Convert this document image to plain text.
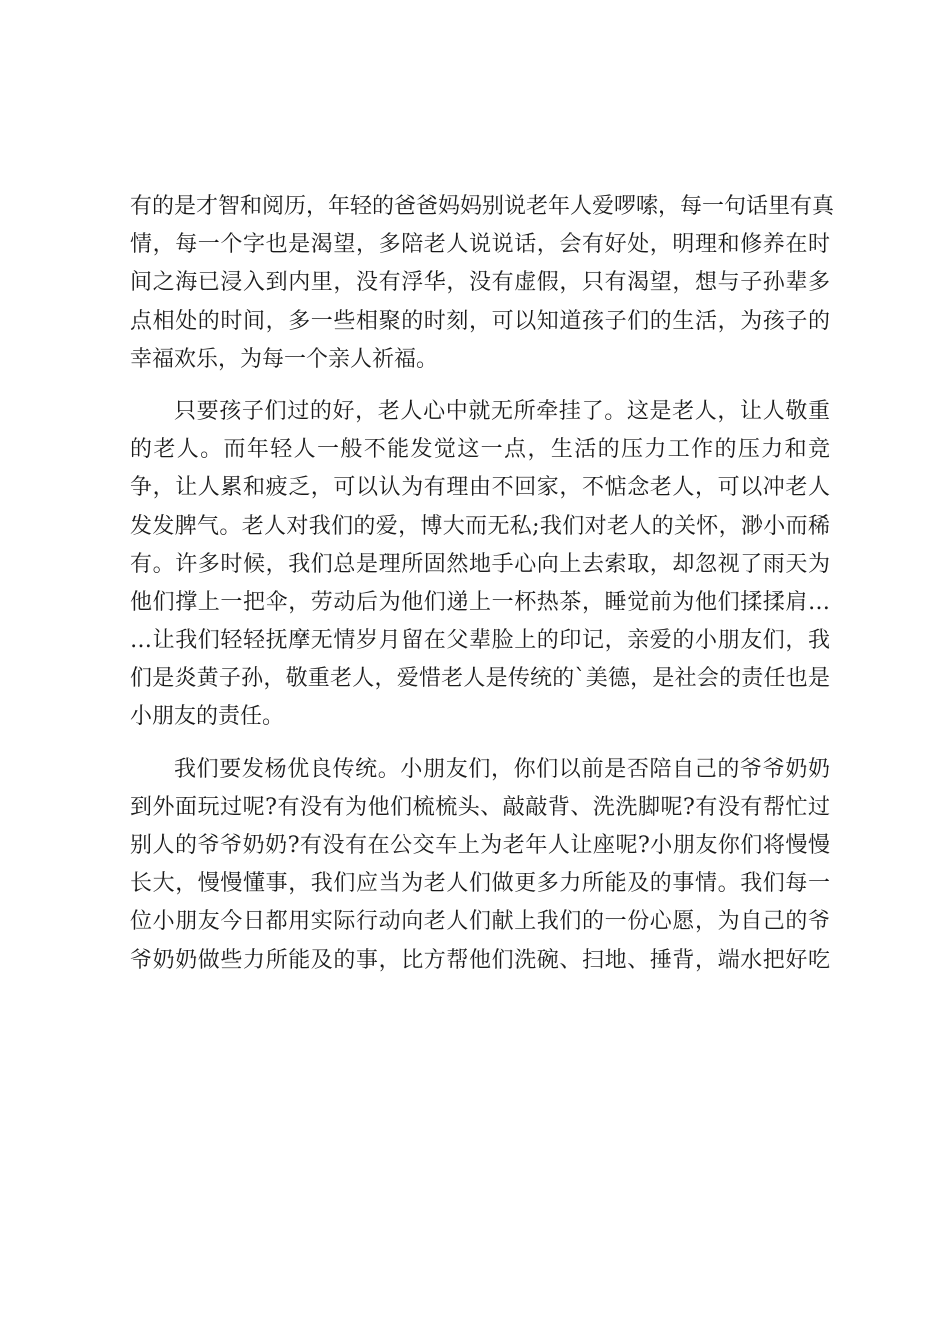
有的是才智和阅历，年轻的爸爸妈妈别说老年人爱啰嗦，每一句话里有真
情，每一个字也是渴望，多陪老人说说话，会有好处，明理和修养在时
间之海已浸入到内里，没有浮华，没有虚假，只有渴望，想与子孙辈多
点相处的时间，多一些相聚的时刻，可以知道孩子们的生活，为孩子的
幸福欢乐，为每一个亲人祈福。
只要孩子们过的好，老人心中就无所牵挂了。这是老人，让人敬重
的老人。而年轻人一般不能发觉这一点，生活的压力工作的压力和竞
争，让人累和疲乏，可以认为有理由不回家，不惦念老人，可以冲老人
发发脾气。老人对我们的爱，博大而无私;我们对老人的关怀，渺小而稀
有。许多时候，我们总是理所固然地手心向上去索取，却忽视了雨天为
他们撑上一把伞，劳动后为他们递上一杯热茶，睡觉前为他们揉揉肩…
…让我们轻轻抚摩无情岁月留在父辈脸上的印记，亲爱的小朋友们，我
们是炎黄子孙，敬重老人，爱惜老人是传统的`美德，是社会的责任也是
小朋友的责任。
我们要发杨优良传统。小朋友们，你们以前是否陪自己的爷爷奶奶
到外面玩过呢?有没有为他们梳梳头、敲敲背、洗洗脚呢?有没有帮忙过
别人的爷爷奶奶?有没有在公交车上为老年人让座呢?小朋友你们将慢慢
长大，慢慢懂事，我们应当为老人们做更多力所能及的事情。我们每一
位小朋友今日都用实际行动向老人们献上我们的一份心愿，为自己的爷
爷奶奶做些力所能及的事，比方帮他们洗碗、扫地、捶背，端水把好吃
